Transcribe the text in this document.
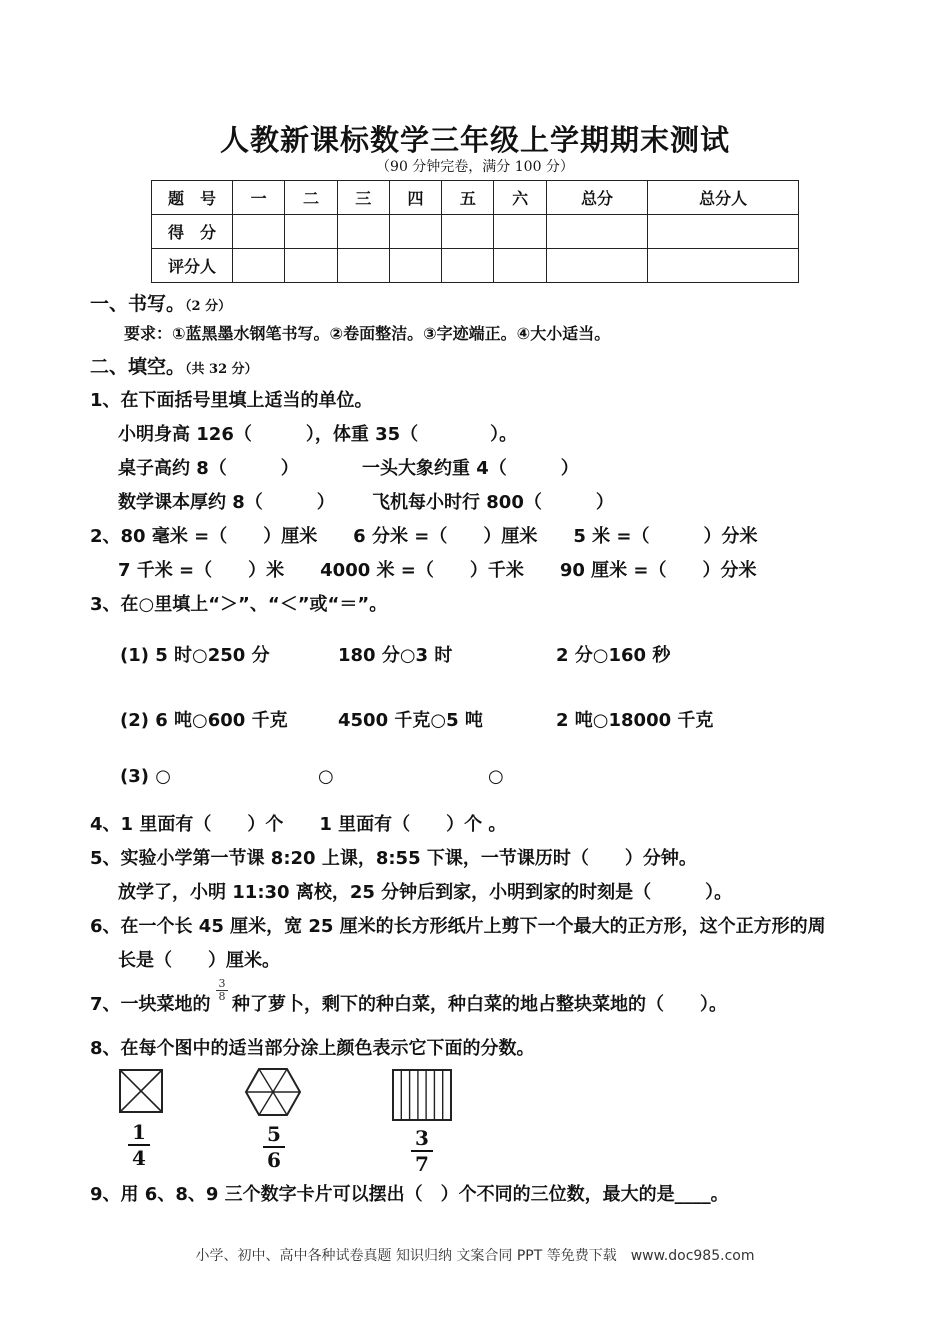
人教新课标数学三年级上学期期末测试
（90 分钟完卷，满分 100 分）
题　号	一	二	三	四	五	六	总分	总分人
得　分								
评分人								
一、书写。（2 分）
要求：①蓝黑墨水钢笔书写。②卷面整洁。③字迹端正。④大小适当。
二、填空。（共 32 分）
1、在下面括号里填上适当的单位。
小明身高 126（　　　），体重 35（　　　　）。
桌子高约 8（　　　）	一头大象约重 4（　　　）
数学课本厚约 8（　　　） 飞机每小时行 800（　　　）
2、80 毫米 =（　　）厘米　　6 分米 =（　　）厘米　　5 米 =（　　　）分米
7 千米 =（　　）米　　4000 米 =（　　）千米　　90 厘米 =（　　）分米
3、在○里填上“＞”、“＜”或“＝”。
(1) 5 时○250 分	180 分○3 时	2 分○160 秒
(2) 6 吨○600 千克	4500 千克○5 吨	2 吨○18000 千克
(3) ○	○	○
4、1 里面有（　　）个　　1 里面有（　　）个 。
5、实验小学第一节课 8:20 上课，8:55 下课，一节课历时（　　）分钟。
放学了，小明 11:30 离校，25 分钟后到家，小明到家的时刻是（　　　）。
6、在一个长 45 厘米，宽 25 厘米的长方形纸片上剪下一个最大的正方形，这个正方形的周
长是（　　）厘米。
7、一块菜地的
$\frac{3}{8}$
种了萝卜，剩下的种白菜，种白菜的地占整块菜地的（　　）。
8、在每个图中的适当部分涂上颜色表示它下面的分数。
$\frac{1}{4}$	$\frac{5}{6}$	$\frac{3}{7}$
9、用 6、8、9 三个数字卡片可以摆出（　）个不同的三位数，最大的是____。
小学、初中、高中各种试卷真题 知识归纳 文案合同 PPT 等免费下载　www.doc985.com
